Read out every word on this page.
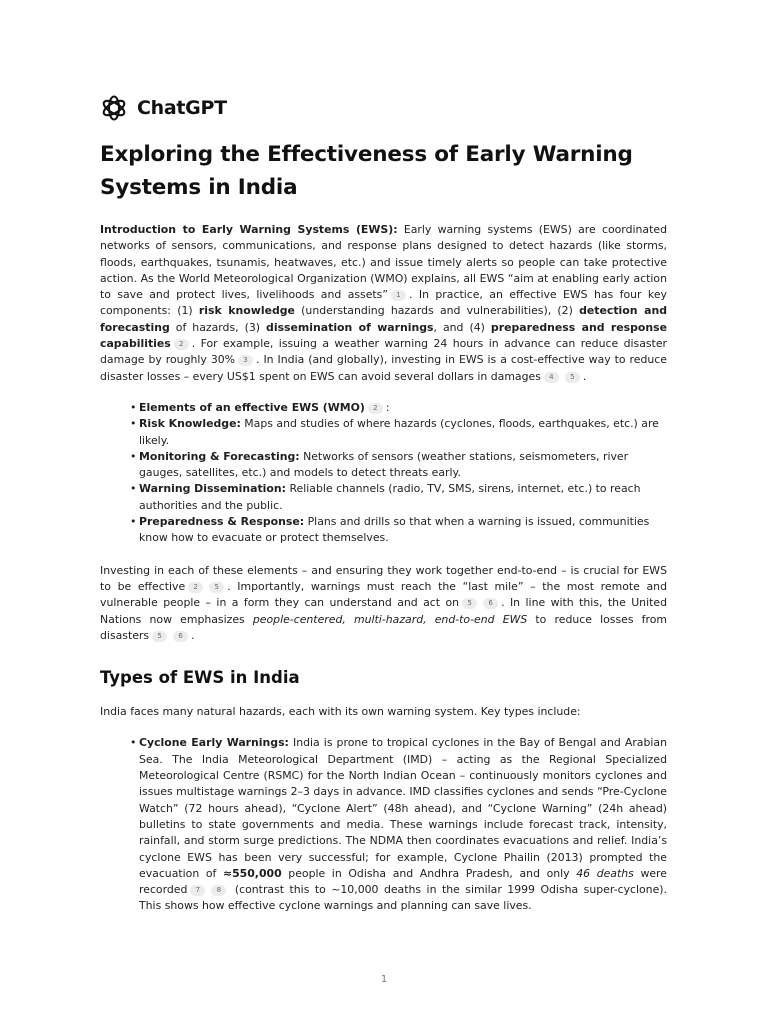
ChatGPT
Exploring the Effectiveness of Early Warning Systems in India

Introduction to Early Warning Systems (EWS): Early warning systems (EWS) are coordinated networks of sensors, communications, and response plans designed to detect hazards (like storms, floods, earthquakes, tsunamis, heatwaves, etc.) and issue timely alerts so people can take protective action. As the World Meteorological Organization (WMO) explains, all EWS “aim at enabling early action to save and protect lives, livelihoods and assets” 1 . In practice, an effective EWS has four key components: (1) risk knowledge (understanding hazards and vulnerabilities), (2) detection and forecasting of hazards, (3) dissemination of warnings, and (4) preparedness and response capabilities 2 . For example, issuing a weather warning 24 hours in advance can reduce disaster damage by roughly 30% 3 . In India (and globally), investing in EWS is a cost-effective way to reduce disaster losses – every US$1 spent on EWS can avoid several dollars in damages 4 5 .

• Elements of an effective EWS (WMO) 2 :
• Risk Knowledge: Maps and studies of where hazards (cyclones, floods, earthquakes, etc.) are likely.
• Monitoring & Forecasting: Networks of sensors (weather stations, seismometers, river gauges, satellites, etc.) and models to detect threats early.
• Warning Dissemination: Reliable channels (radio, TV, SMS, sirens, internet, etc.) to reach authorities and the public.
• Preparedness & Response: Plans and drills so that when a warning is issued, communities know how to evacuate or protect themselves.

Investing in each of these elements – and ensuring they work together end-to-end – is crucial for EWS to be effective 2 5 . Importantly, warnings must reach the “last mile” – the most remote and vulnerable people – in a form they can understand and act on 5 6 . In line with this, the United Nations now emphasizes people-centered, multi-hazard, end-to-end EWS to reduce losses from disasters 5 6 .

Types of EWS in India

India faces many natural hazards, each with its own warning system. Key types include:

• Cyclone Early Warnings: India is prone to tropical cyclones in the Bay of Bengal and Arabian Sea. The India Meteorological Department (IMD) – acting as the Regional Specialized Meteorological Centre (RSMC) for the North Indian Ocean – continuously monitors cyclones and issues multistage warnings 2–3 days in advance. IMD classifies cyclones and sends “Pre-Cyclone Watch” (72 hours ahead), “Cyclone Alert” (48h ahead), and “Cyclone Warning” (24h ahead) bulletins to state governments and media. These warnings include forecast track, intensity, rainfall, and storm surge predictions. The NDMA then coordinates evacuations and relief. India’s cyclone EWS has been very successful; for example, Cyclone Phailin (2013) prompted the evacuation of ≈550,000 people in Odisha and Andhra Pradesh, and only 46 deaths were recorded 7 8 (contrast this to ~10,000 deaths in the similar 1999 Odisha super-cyclone). This shows how effective cyclone warnings and planning can save lives.
1
